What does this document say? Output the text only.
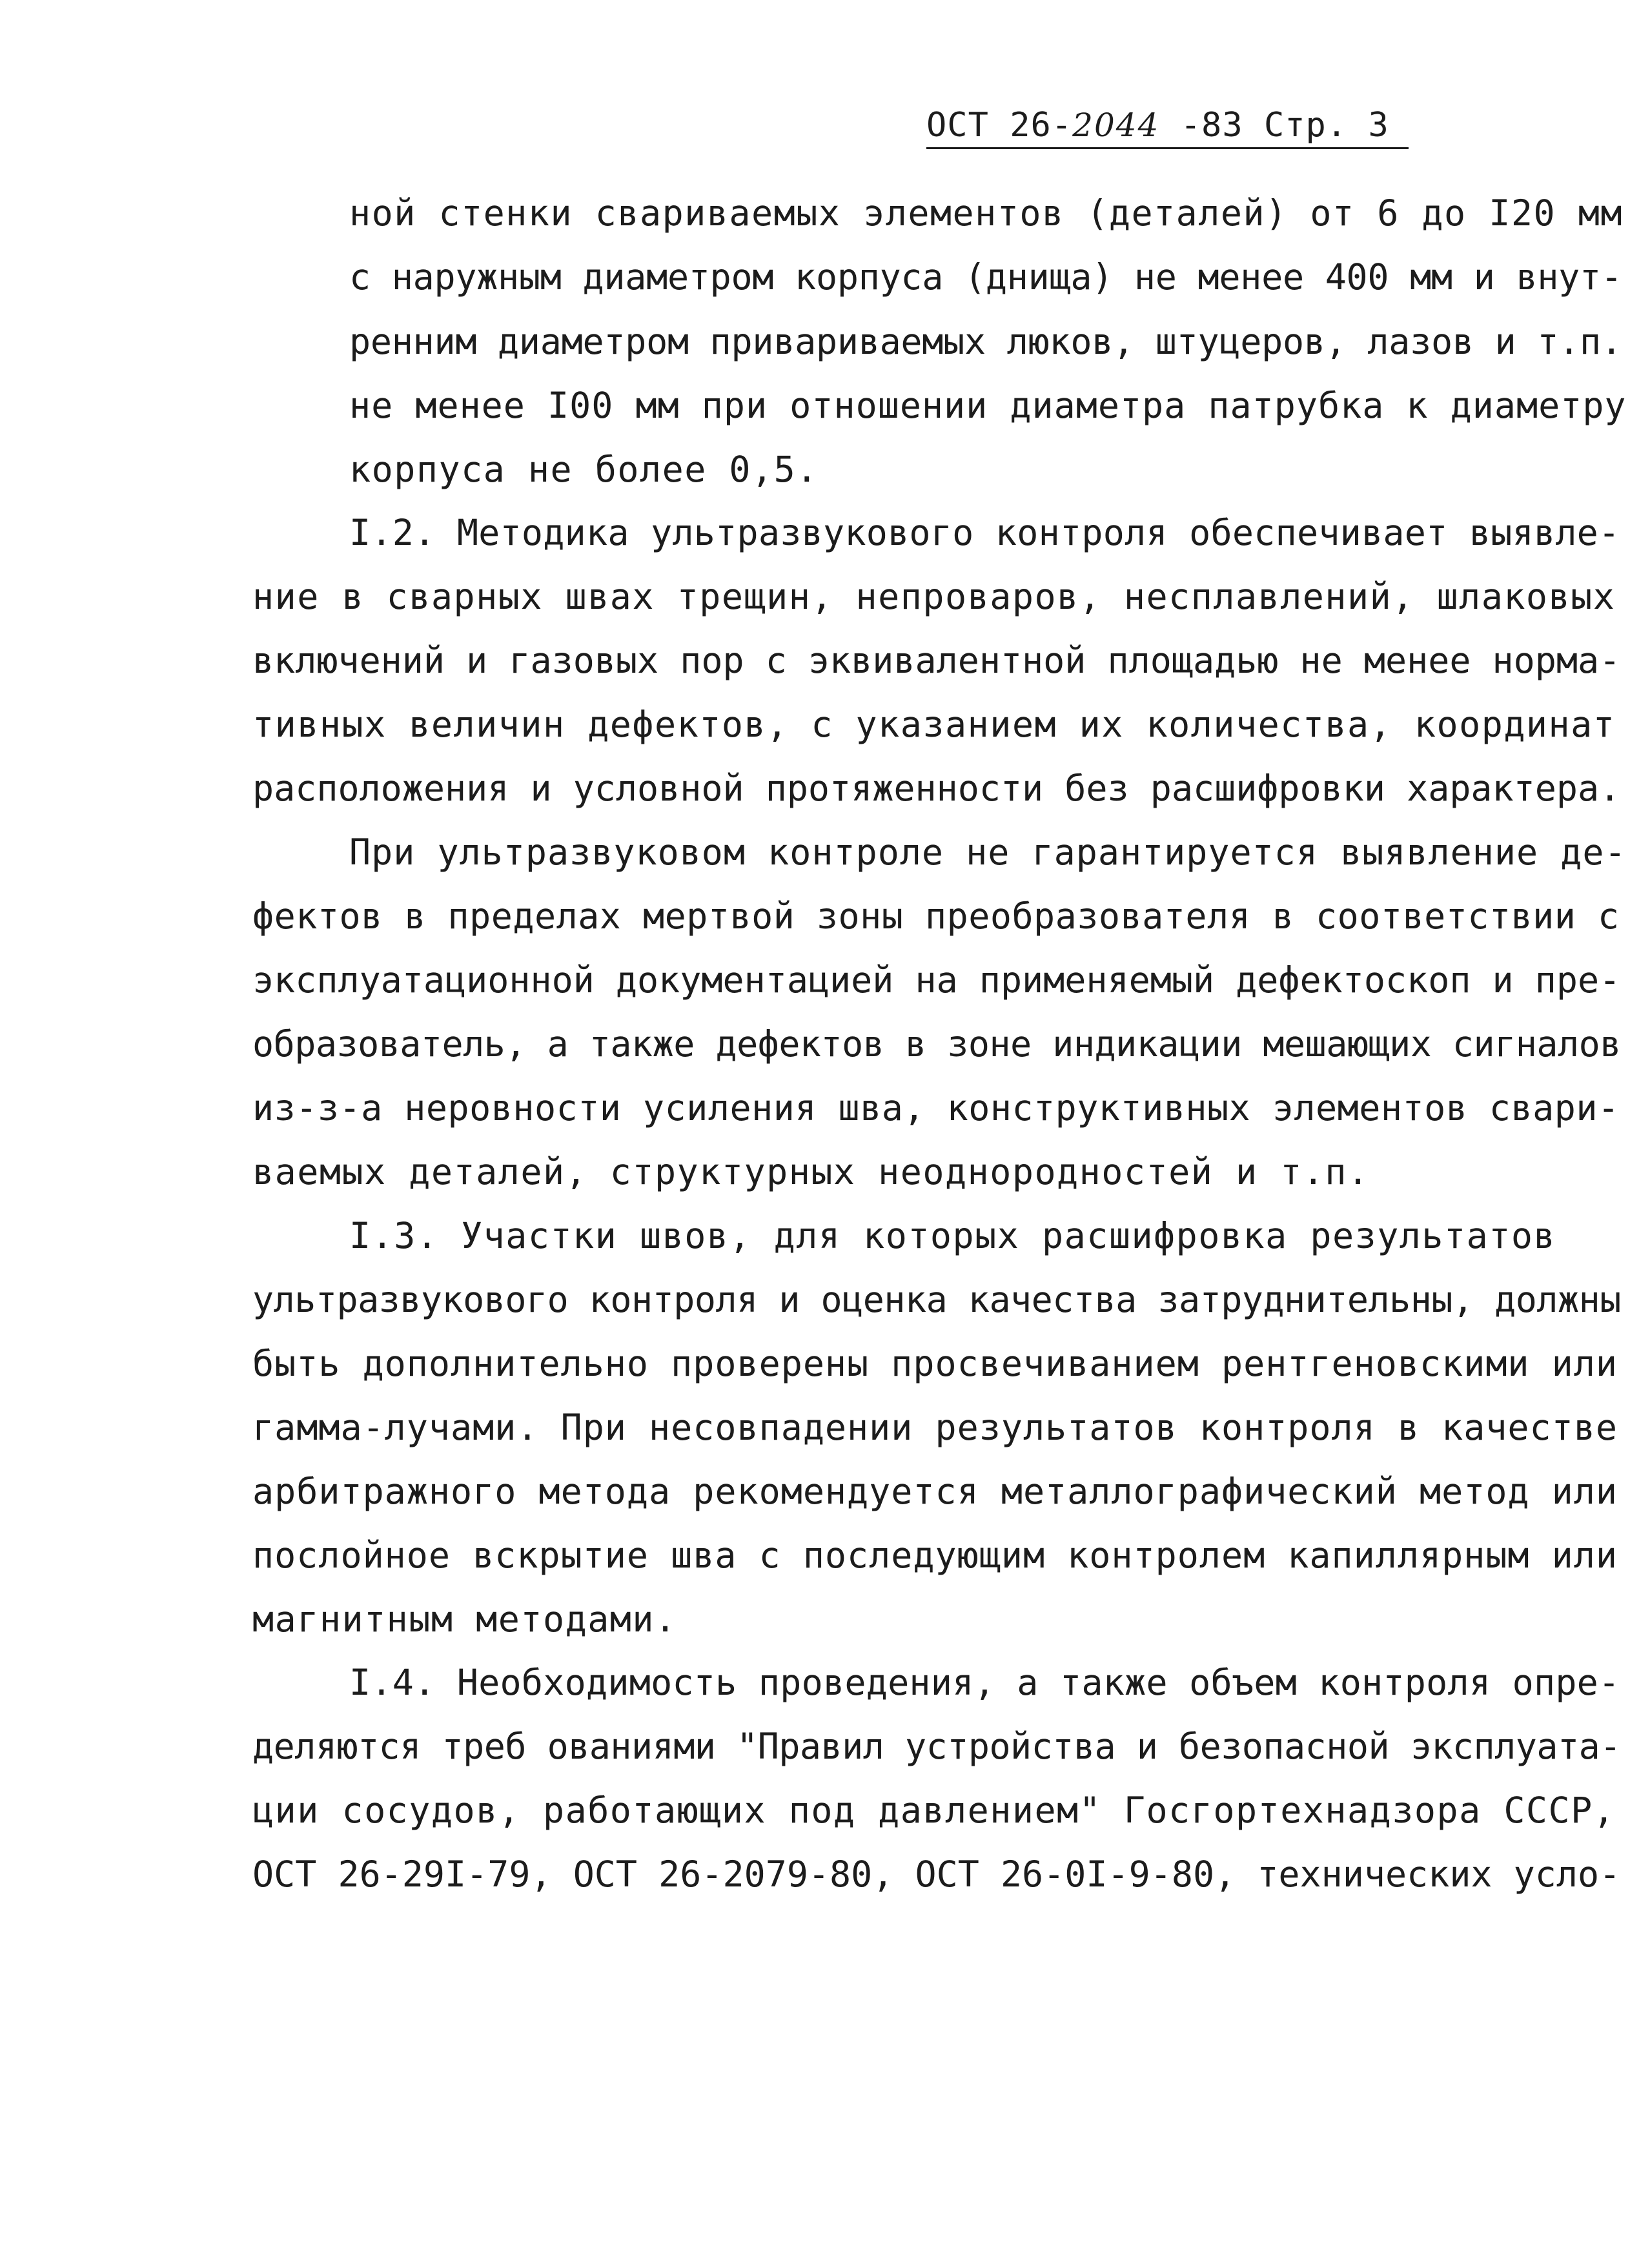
ОСТ 26-2044 -83 Стр. 3
ной стенки свариваемых элементов (деталей) от 6 до I20 мм
с наружным диаметром корпуса (днища) не менее 400 мм и внут-
ренним диаметром привариваемых люков, штуцеров, лазов и т.п.
не менее I00 мм при отношении диаметра патрубка к диаметру
корпуса не более 0,5.
I.2. Методика ультразвукового контроля обеспечивает выявле-
ние в сварных швах трещин, непроваров, несплавлений, шлаковых
включений и газовых пор с эквивалентной площадью не менее норма-
тивных величин дефектов, с указанием их количества, координат
расположения и условной протяженности без расшифровки характера.
При ультразвуковом контроле не гарантируется выявление де-
фектов в пределах мертвой зоны преобразователя в соответствии с
эксплуатационной документацией на применяемый дефектоскоп и пре-
образователь, а также дефектов в зоне индикации мешающих сигналов
из-з-а неровности усиления шва, конструктивных элементов свари-
ваемых деталей, структурных неоднородностей и т.п.
I.3. Участки швов, для которых расшифровка результатов
ультразвукового контроля и оценка качества затруднительны, должны
быть дополнительно проверены просвечиванием рентгеновскими или
гамма-лучами. При несовпадении результатов контроля в качестве
арбитражного метода рекомендуется металлографический метод или
послойное вскрытие шва с последующим контролем капиллярным или
магнитным методами.
I.4. Необходимость проведения, а также объем контроля опре-
деляются треб ованиями "Правил устройства и безопасной эксплуата-
ции сосудов, работающих под давлением" Госгортехнадзора СССР,
ОСТ 26-29I-79, ОСТ 26-2079-80, ОСТ 26-0I-9-80, технических усло-
